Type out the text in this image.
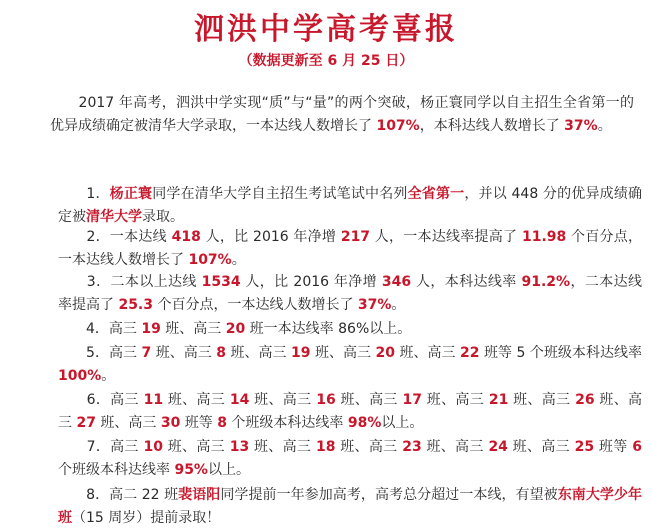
泗洪中学高考喜报
（数据更新至 6 月 25 日）

　　2017 年高考，泗洪中学实现“质”与“量”的两个突破，杨正寰同学以自主招生全省第一的优异成绩确定被清华大学录取，一本达线人数增长了 107%，本科达线人数增长了 37%。

　　1．杨正寰同学在清华大学自主招生考试笔试中名列全省第一，并以 448 分的优异成绩确定被清华大学录取。

　　2．一本达线 418 人，比 2016 年净增 217 人，一本达线率提高了 11.98 个百分点，一本达线人数增长了 107%。

　　3．二本以上达线 1534 人，比 2016 年净增 346 人，本科达线率 91.2%，二本达线率提高了 25.3 个百分点，一本达线人数增长了 37%。

　　4．高三 19 班、高三 20 班一本达线率 86%以上。

　　5．高三 7 班、高三 8 班、高三 19 班、高三 20 班、高三 22 班等 5 个班级本科达线率 100%。

　　6．高三 11 班、高三 14 班、高三 16 班、高三 17 班、高三 21 班、高三 26 班、高三 27 班、高三 30 班等 8 个班级本科达线率 98%以上。

　　7．高三 10 班、高三 13 班、高三 18 班、高三 23 班、高三 24 班、高三 25 班等 6 个班级本科达线率 95%以上。

　　8．高二 22 班裴语阳同学提前一年参加高考，高考总分超过一本线，有望被东南大学少年班（15 周岁）提前录取！
